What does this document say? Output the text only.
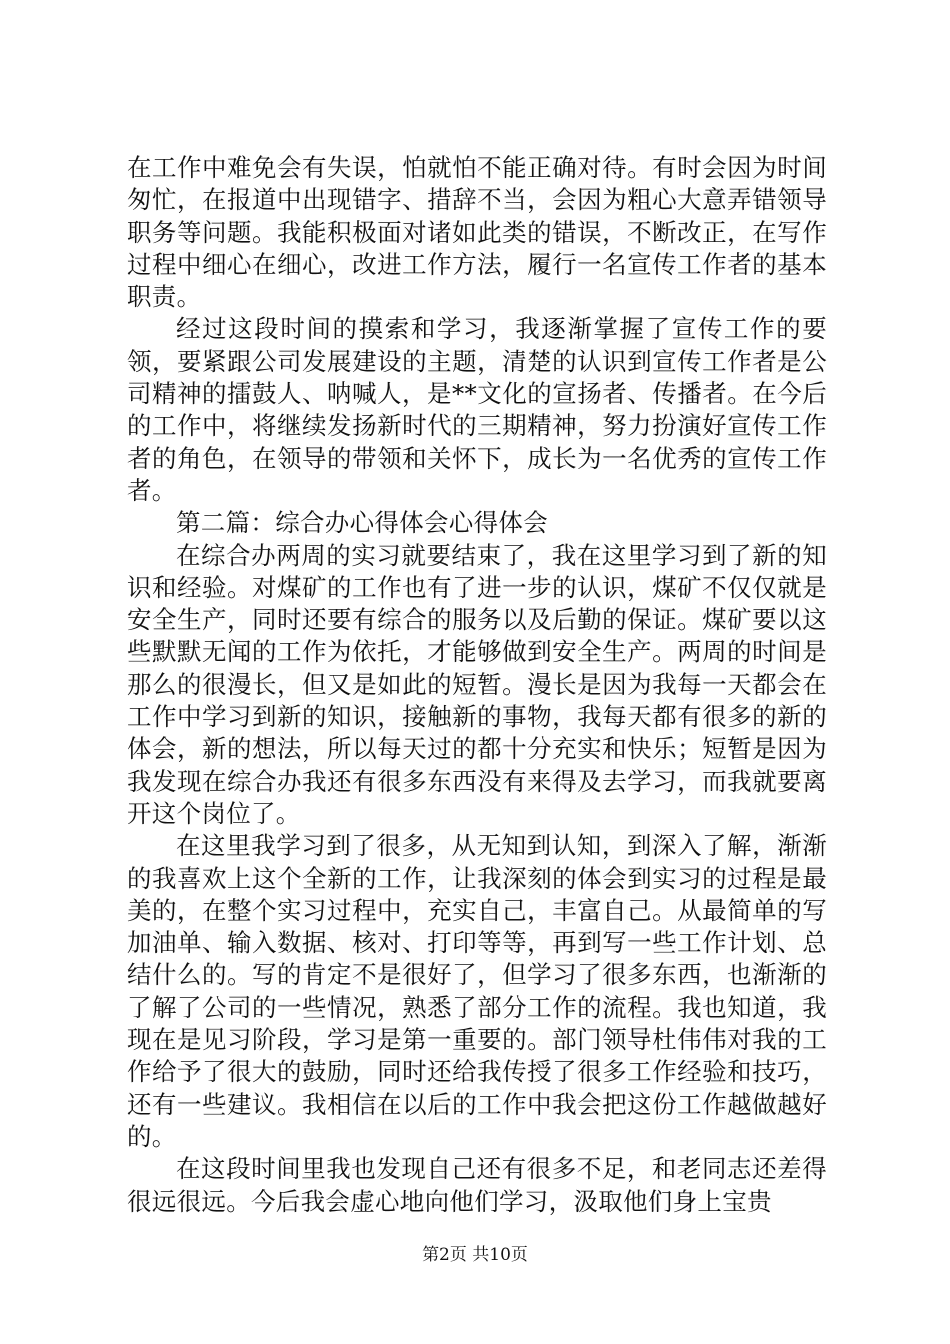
在工作中难免会有失误，怕就怕不能正确对待。有时会因为时间匆忙，在报道中出现错字、措辞不当，会因为粗心大意弄错领导职务等问题。我能积极面对诸如此类的错误，不断改正，在写作过程中细心在细心，改进工作方法，履行一名宣传工作者的基本职责。

经过这段时间的摸索和学习，我逐渐掌握了宣传工作的要领，要紧跟公司发展建设的主题，清楚的认识到宣传工作者是公司精神的擂鼓人、呐喊人，是**文化的宣扬者、传播者。在今后的工作中，将继续发扬新时代的三期精神，努力扮演好宣传工作者的角色，在领导的带领和关怀下，成长为一名优秀的宣传工作者。

第二篇：综合办心得体会心得体会

在综合办两周的实习就要结束了，我在这里学习到了新的知识和经验。对煤矿的工作也有了进一步的认识，煤矿不仅仅就是安全生产，同时还要有综合的服务以及后勤的保证。煤矿要以这些默默无闻的工作为依托，才能够做到安全生产。两周的时间是那么的很漫长，但又是如此的短暂。漫长是因为我每一天都会在工作中学习到新的知识，接触新的事物，我每天都有很多的新的体会，新的想法，所以每天过的都十分充实和快乐；短暂是因为我发现在综合办我还有很多东西没有来得及去学习，而我就要离开这个岗位了。

在这里我学习到了很多，从无知到认知，到深入了解，渐渐的我喜欢上这个全新的工作，让我深刻的体会到实习的过程是最美的，在整个实习过程中，充实自己，丰富自己。从最简单的写加油单、输入数据、核对、打印等等，再到写一些工作计划、总结什么的。写的肯定不是很好了，但学习了很多东西，也渐渐的了解了公司的一些情况，熟悉了部分工作的流程。我也知道，我现在是见习阶段，学习是第一重要的。部门领导杜伟伟对我的工作给予了很大的鼓励，同时还给我传授了很多工作经验和技巧，还有一些建议。我相信在以后的工作中我会把这份工作越做越好的。

在这段时间里我也发现自己还有很多不足，和老同志还差得很远很远。今后我会虚心地向他们学习，汲取他们身上宝贵

第2页 共10页
